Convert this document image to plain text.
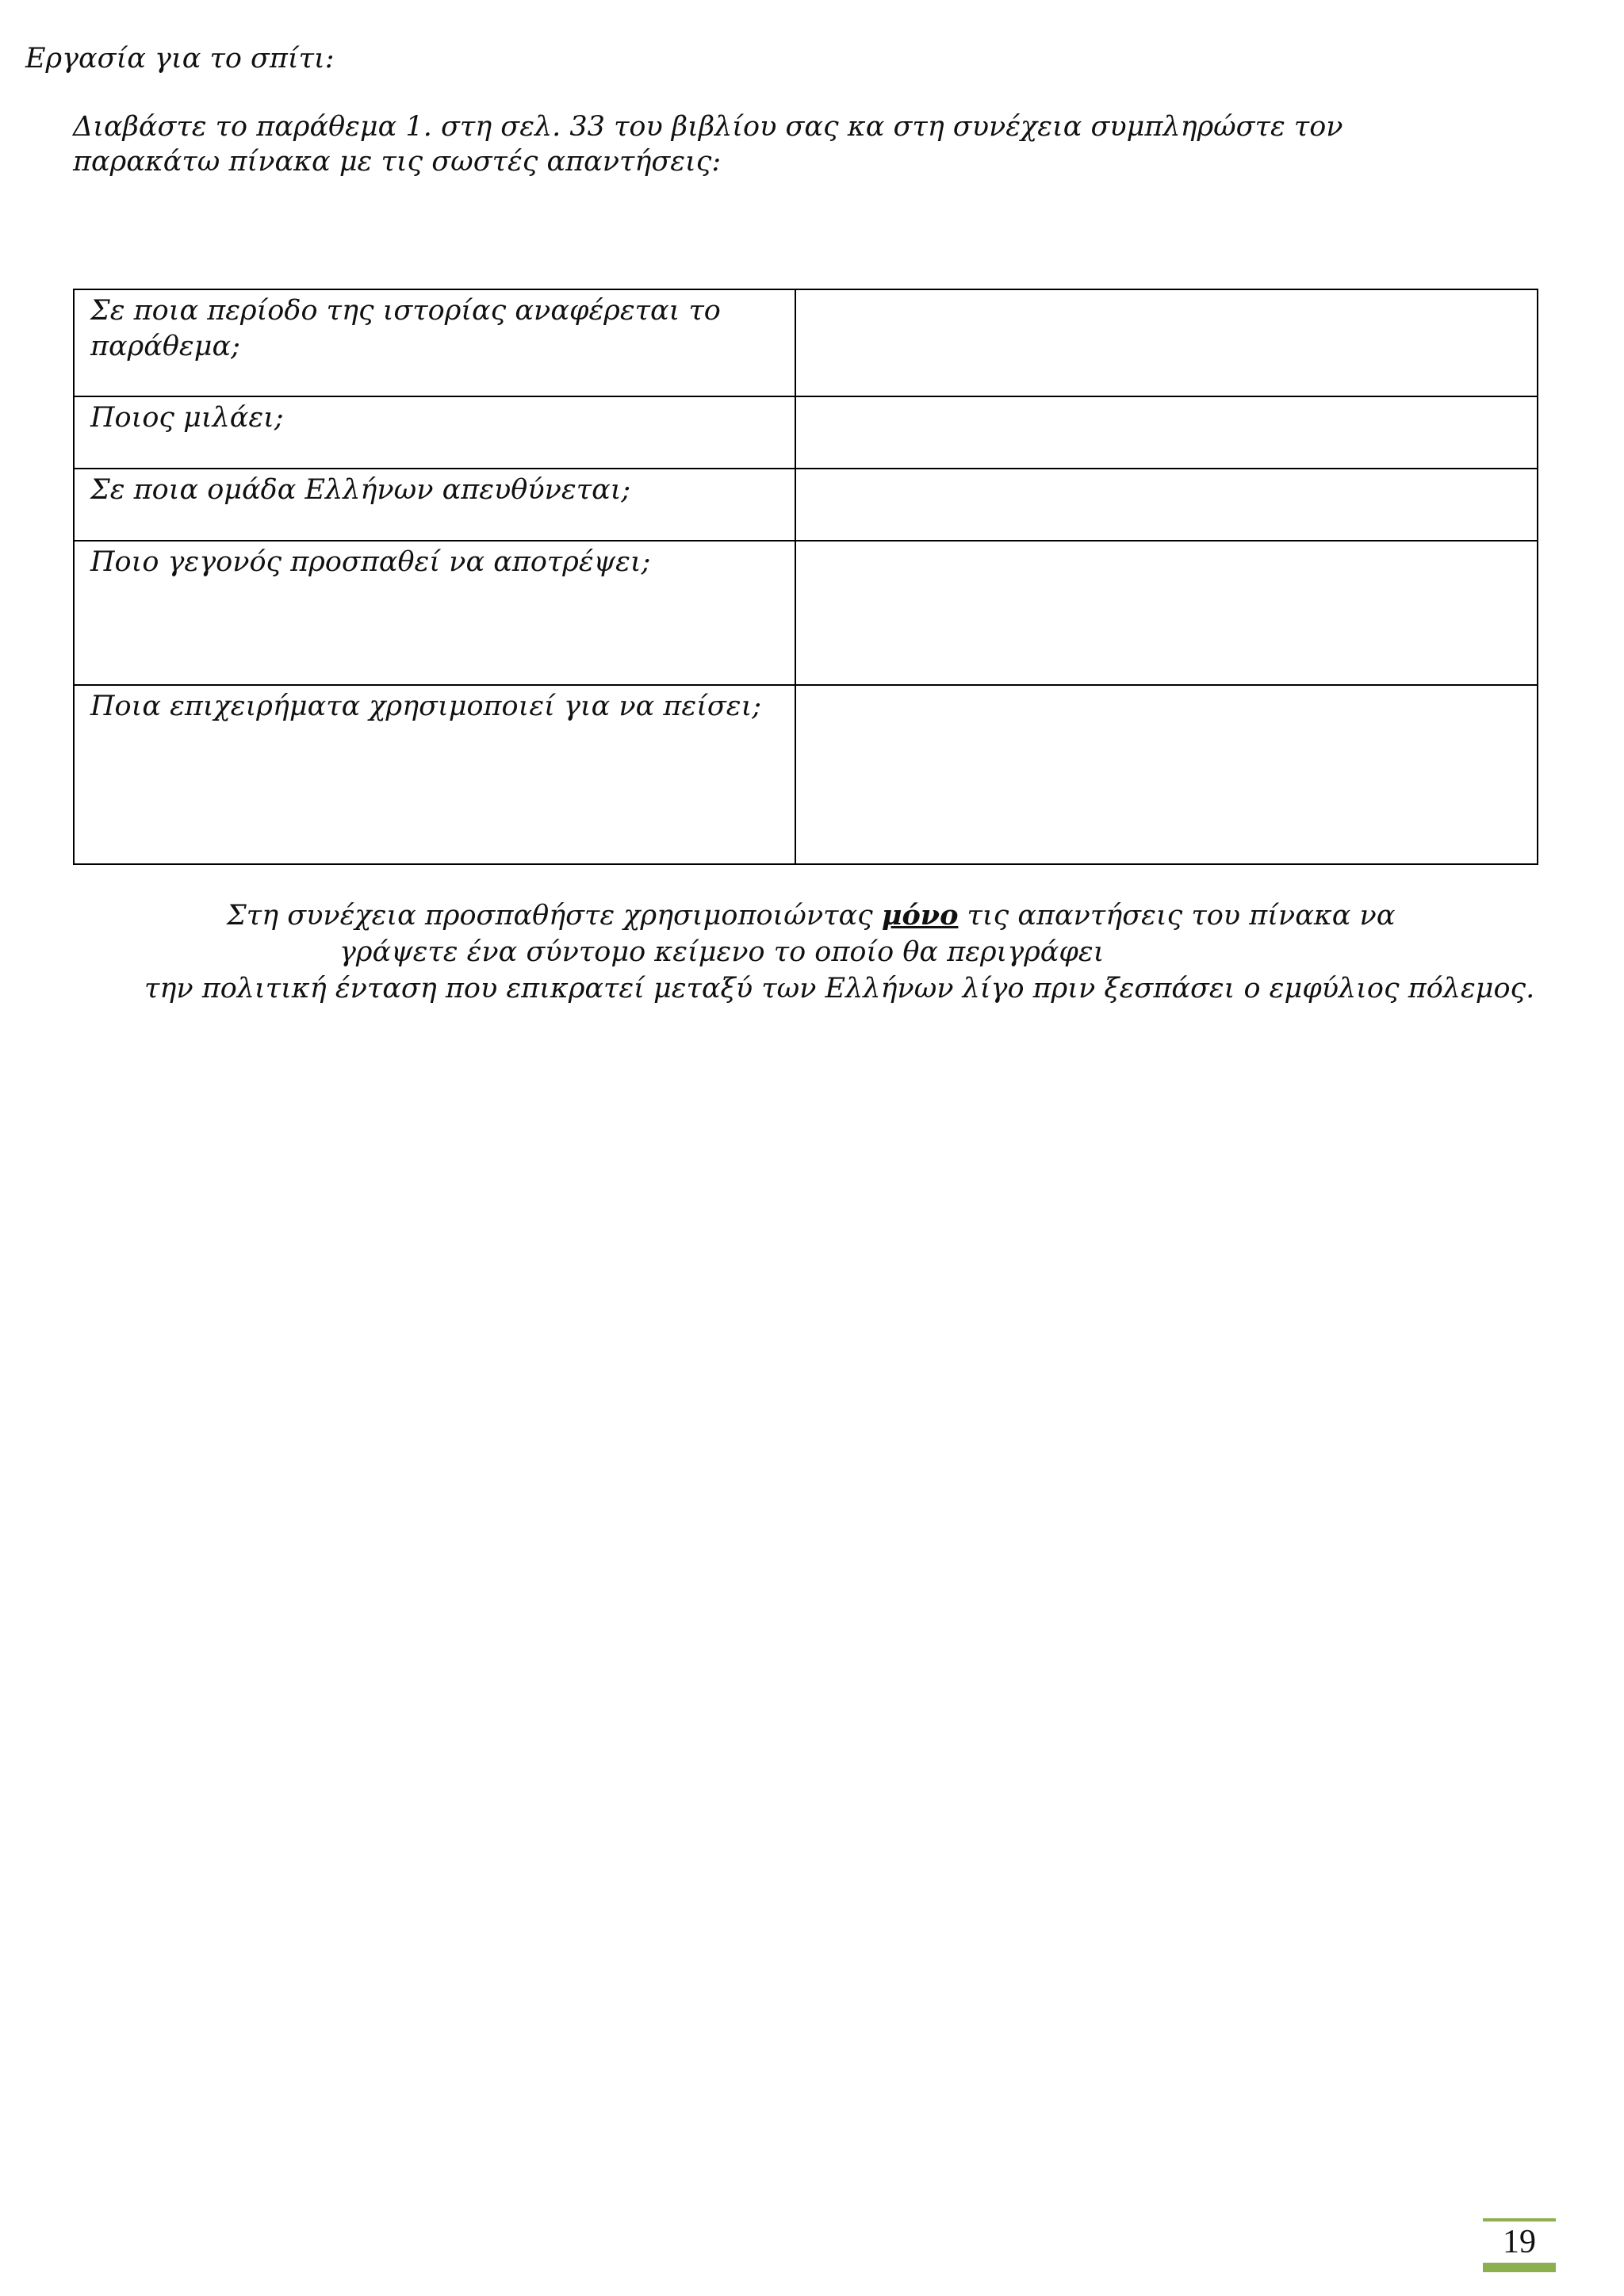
Εργασία για το σπίτι:

Διαβάστε το παράθεμα 1. στη σελ. 33 του βιβλίου σας κα στη συνέχεια συμπληρώστε τον
παρακάτω πίνακα με τις σωστές απαντήσεις:

Σε ποια περίοδο της ιστορίας αναφέρεται το παράθεμα;	
Ποιος μιλάει;	
Σε ποια ομάδα Ελλήνων απευθύνεται;	
Ποιο γεγονός προσπαθεί να αποτρέψει;	
Ποια επιχειρήματα χρησιμοποιεί για να πείσει;	

Στη συνέχεια προσπαθήστε χρησιμοποιώντας μόνο τις απαντήσεις του πίνακα να
γράψετε ένα σύντομο κείμενο το οποίο θα περιγράφει
την πολιτική ένταση που επικρατεί μεταξύ των Ελλήνων λίγο πριν ξεσπάσει ο εμφύλιος πόλεμος.

19
